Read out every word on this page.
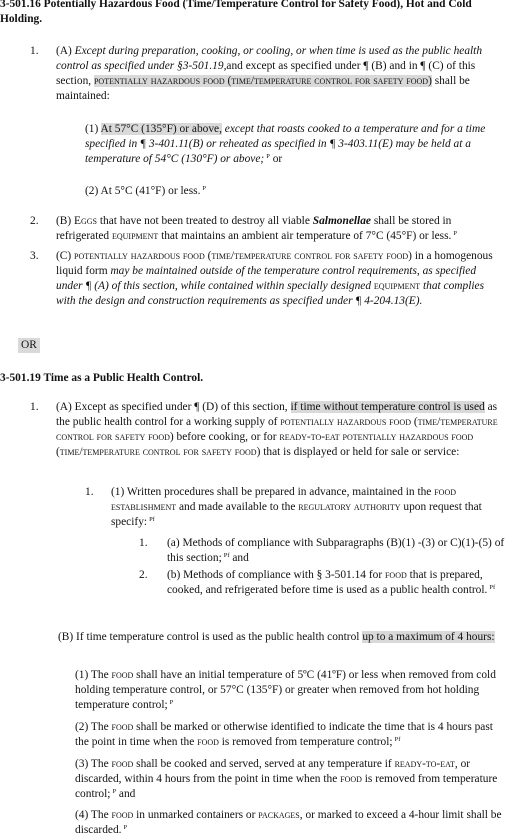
3-501.16 Potentially Hazardous Food (Time/Temperature Control for Safety Food), Hot and Cold Holding.
1. (A) Except during preparation, cooking, or cooling, or when time is used as the public health control as specified under §3-501.19,and except as specified under ¶ (B) and in ¶ (C) of this section, potentially hazardous food (time/temperature control for safety food) shall be maintained:
(1) At 57°C (135°F) or above, except that roasts cooked to a temperature and for a time specified in ¶ 3-401.11(B) or reheated as specified in ¶ 3-403.11(E) may be held at a temperature of 54°C (130°F) or above; $^P$ or
(2) At 5°C (41°F) or less. $^P$
2. (B) Eggs that have not been treated to destroy all viable Salmonellae shall be stored in refrigerated equipment that maintains an ambient air temperature of 7°C (45°F) or less. $^P$
3. (C) potentially hazardous food (time/temperature control for safety food) in a homogenous liquid form may be maintained outside of the temperature control requirements, as specified under ¶ (A) of this section, while contained within specially designed equipment that complies with the design and construction requirements as specified under ¶ 4-204.13(E).
OR
3-501.19 Time as a Public Health Control.
1. (A) Except as specified under ¶ (D) of this section, if time without temperature control is used as the public health control for a working supply of potentially hazardous food (time/temperature control for safety food) before cooking, or for ready-to-eat potentially hazardous food (time/temperature control for safety food) that is displayed or held for sale or service:
1. (1) Written procedures shall be prepared in advance, maintained in the food establishment and made available to the regulatory authority upon request that specify: $^{Pf}$
1. (a) Methods of compliance with Subparagraphs (B)(1) -(3) or C)(1)-(5) of this section; $^{Pf}$ and
2. (b) Methods of compliance with § 3-501.14 for food that is prepared, cooked, and refrigerated before time is used as a public health control. $^{Pf}$
(B) If time temperature control is used as the public health control up to a maximum of 4 hours:
(1) The food shall have an initial temperature of 5ºC (41ºF) or less when removed from cold holding temperature control, or 57°C (135°F) or greater when removed from hot holding temperature control; $^P$
(2) The food shall be marked or otherwise identified to indicate the time that is 4 hours past the point in time when the food is removed from temperature control; $^{Pf}$
(3) The food shall be cooked and served, served at any temperature if ready-to-eat, or discarded, within 4 hours from the point in time when the food is removed from temperature control; $^P$ and
(4) The food in unmarked containers or packages, or marked to exceed a 4-hour limit shall be discarded. $^P$
